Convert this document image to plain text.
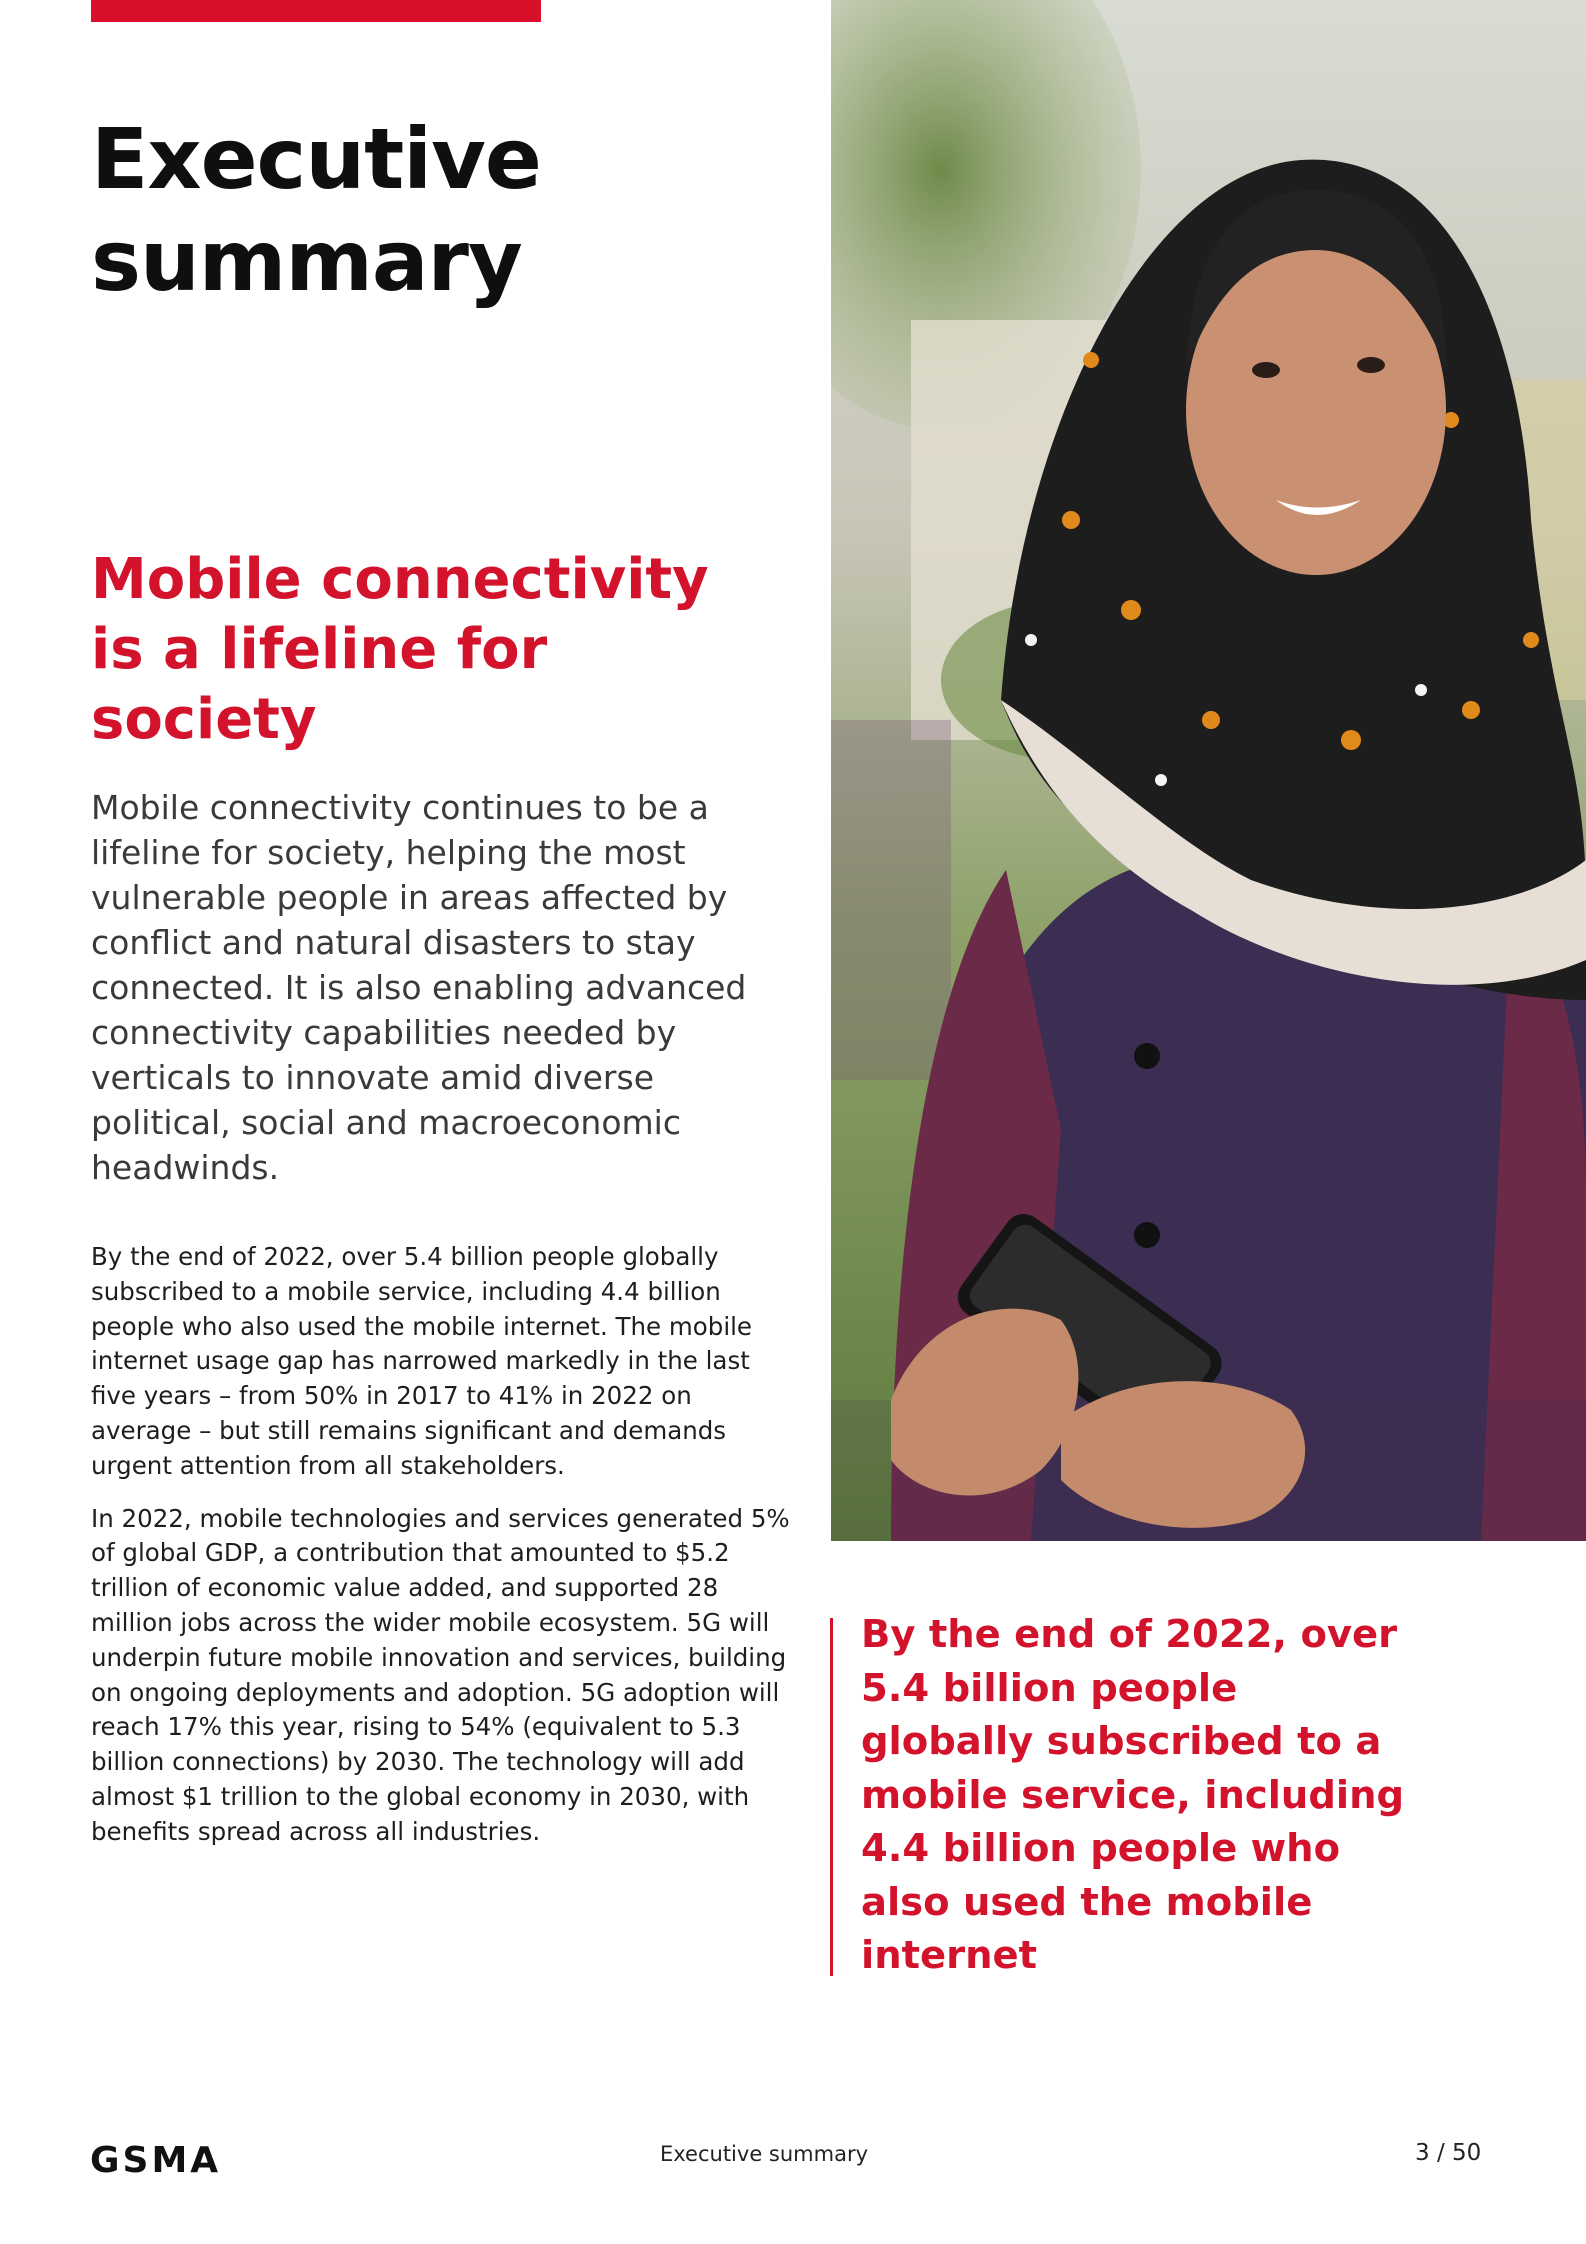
Executive
summary
Mobile connectivity
is a lifeline for
society

Mobile connectivity continues to be a lifeline for society, helping the most vulnerable people in areas affected by conflict and natural disasters to stay connected. It is also enabling advanced connectivity capabilities needed by verticals to innovate amid diverse political, social and macroeconomic headwinds.

By the end of 2022, over 5.4 billion people globally subscribed to a mobile service, including 4.4 billion people who also used the mobile internet. The mobile internet usage gap has narrowed markedly in the last five years – from 50% in 2017 to 41% in 2022 on average – but still remains significant and demands urgent attention from all stakeholders.

In 2022, mobile technologies and services generated 5% of global GDP, a contribution that amounted to $5.2 trillion of economic value added, and supported 28 million jobs across the wider mobile ecosystem. 5G will underpin future mobile innovation and services, building on ongoing deployments and adoption. 5G adoption will reach 17% this year, rising to 54% (equivalent to 5.3 billion connections) by 2030. The technology will add almost $1 trillion to the global economy in 2030, with benefits spread across all industries.

By the end of 2022, over 5.4 billion people globally subscribed to a mobile service, including 4.4 billion people who also used the mobile internet

GSMA	Executive summary	3 / 50
